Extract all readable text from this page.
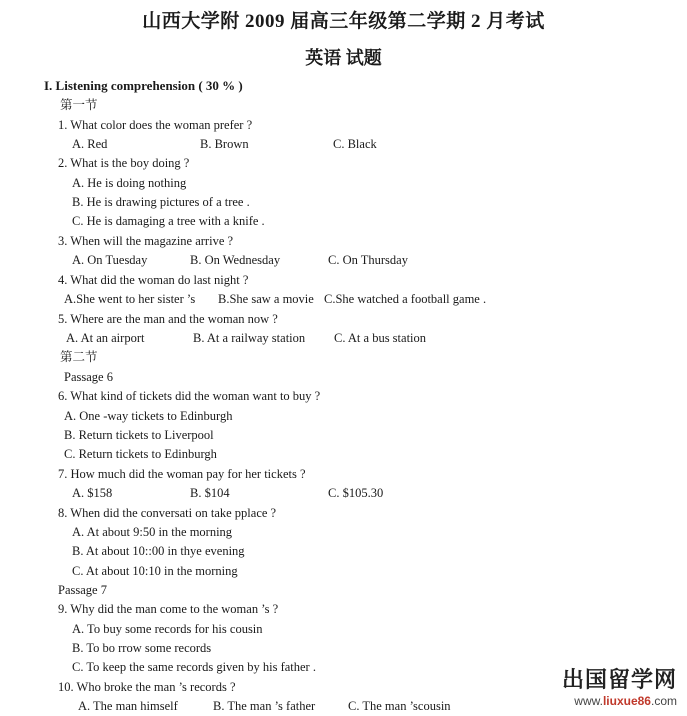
山西大学附 2009 届高三年级第二学期 2 月考试
英语 试题
I. Listening comprehension ( 30 % )
第一节
1. What color does the woman prefer ?
A. Red	B. Brown	C. Black
2. What is the boy doing ?
A. He is doing nothing
B. He is drawing pictures of a tree .
C. He is damaging a tree with a knife .
3. When will the magazine arrive ?
A. On Tuesday	B. On Wednesday	C. On Thursday
4. What did the woman do last night ?
A.She went to her sister ’s B.She saw a movie C.She watched a football game .
5. Where are the man and the woman now ?
A. At an airport	B. At a railway station C. At a bus station
第二节
Passage 6
6. What kind of tickets did the woman want to buy ?
A. One -way tickets to Edinburgh
B. Return tickets to Liverpool
C. Return tickets to Edinburgh
7. How much did the woman pay for her tickets ?
A. $158	B. $104	C. $105.30
8. When did the conversati on take pplace ?
A. At about 9:50 in the morning
B. At about 10::00 in thye evening
C. At about 10:10 in the morning
Passage 7
9. Why did the man come to the woman ’s ?
A. To buy some records for his cousin
B. To bo rrow some records
C. To keep the same records given by his father .
10. Who broke the man ’s records ?
A. The man himself	B. The man ’s father	C. The man ’scousin
出国留学网
www.liuxue86.com
